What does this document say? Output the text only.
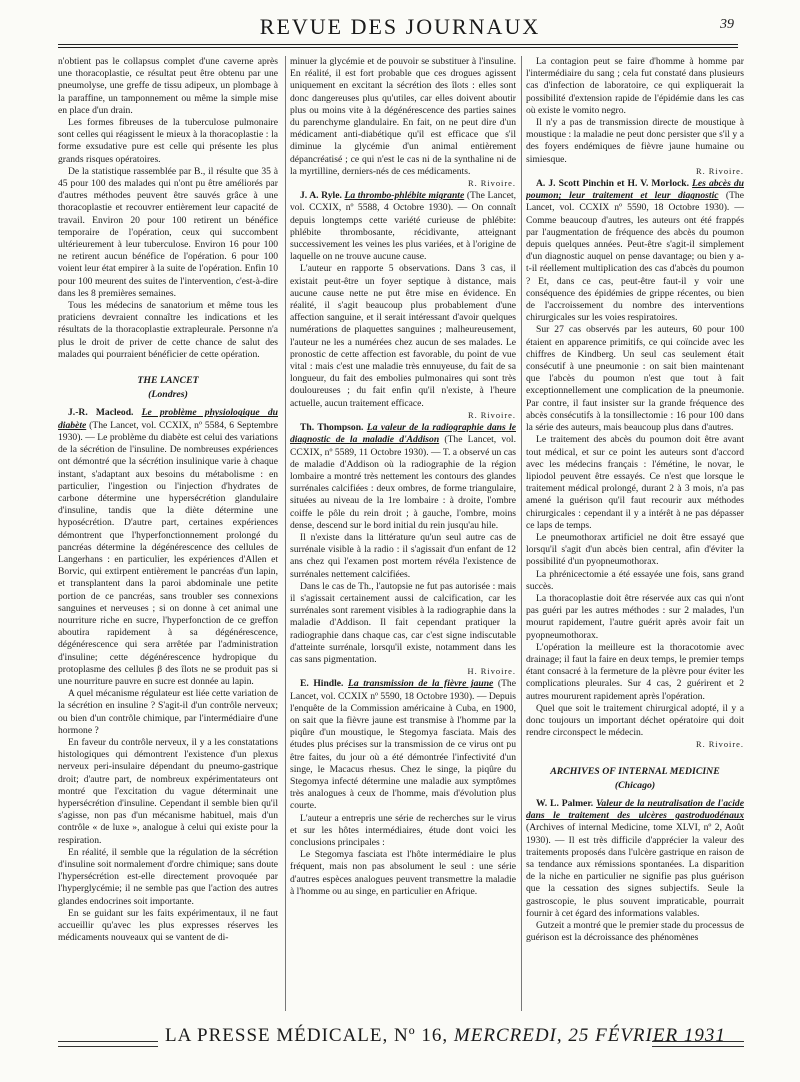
REVUE DES JOURNAUX	39

n'obtient pas le collapsus complet d'une caverne après une thoracoplastie, ce résultat peut être obtenu par une pneumolyse, une greffe de tissu adipeux, un plombage à la paraffine, un tamponnement ou même la simple mise en place d'un drain.

Les formes fibreuses de la tuberculose pulmonaire sont celles qui réagissent le mieux à la thoracoplastie : la forme exsudative pure est celle qui présente les plus grands risques opératoires.

De la statistique rassemblée par B., il résulte que 35 à 45 pour 100 des malades qui n'ont pu être améliorés par d'autres méthodes peuvent être sauvés grâce à une thoracoplastie et recouvrer entièrement leur capacité de travail. Environ 20 pour 100 retirent un bénéfice temporaire de l'opération, ceux qui succombent ultérieurement à leur tuberculose. Environ 16 pour 100 ne retirent aucun bénéfice de l'opération. 6 pour 100 voient leur état empirer à la suite de l'opération. Enfin 10 pour 100 meurent des suites de l'intervention, c'est-à-dire dans les 8 premières semaines.

Tous les médecins de sanatorium et même tous les praticiens devraient connaître les indications et les résultats de la thoracoplastie extrapleurale. Personne n'a plus le droit de priver de cette chance de salut des malades qui pourraient bénéficier de cette opération.

THE LANCET
(Londres)

J.-R. Macleod. Le problème physiologique du diabète (The Lancet, vol. CCXIX, nº 5584, 6 Septembre 1930). — Le problème du diabète est celui des variations de la sécrétion de l'insuline. De nombreuses expériences ont démontré que la sécrétion insulinique varie à chaque instant, s'adaptant aux besoins du métabolisme : en particulier, l'ingestion ou l'injection d'hydrates de carbone détermine une hypersécrétion glandulaire d'insuline, tandis que la diète détermine une hyposécrétion. D'autre part, certaines expériences démontrent que l'hyperfonctionnement prolongé du pancréas détermine la dégénérescence des cellules de Langerhans : en particulier, les expériences d'Allen et Borvic, qui extirpent entièrement le pancréas d'un lapin, et transplantent dans la paroi abdominale une petite portion de ce pancréas, sans troubler ses connexions sanguines et nerveuses ; si on donne à cet animal une nourriture riche en sucre, l'hyperfonction de ce greffon aboutira rapidement à sa dégénérescence, dégénérescence qui sera arrêtée par l'administration d'insuline; cette dégénérescence hydropique du protoplasme des cellules β des îlots ne se produit pas si une nourriture pauvre en sucre est donnée au lapin.

A quel mécanisme régulateur est liée cette variation de la sécrétion en insuline ? S'agit-il d'un contrôle nerveux; ou bien d'un contrôle chimique, par l'intermédiaire d'une hormone ?

En faveur du contrôle nerveux, il y a les constatations histologiques qui démontrent l'existence d'un plexus nerveux peri-insulaire dépendant du pneumo-gastrique droit; d'autre part, de nombreux expérimentateurs ont montré que l'excitation du vague déterminait une hypersécrétion d'insuline. Cependant il semble bien qu'il s'agisse, non pas d'un mécanisme habituel, mais d'un contrôle « de luxe », analogue à celui qui existe pour la respiration.

En réalité, il semble que la régulation de la sécrétion d'insuline soit normalement d'ordre chimique; sans doute l'hypersécrétion est-elle directement provoquée par l'hyperglycémie; il ne semble pas que l'action des autres glandes endocrines soit importante.

En se guidant sur les faits expérimentaux, il ne faut accueillir qu'avec les plus expresses réserves les médicaments nouveaux qui se vantent de di-

minuer la glycémie et de pouvoir se substituer à l'insuline. En réalité, il est fort probable que ces drogues agissent uniquement en excitant la sécrétion des îlots : elles sont donc dangereuses plus qu'utiles, car elles doivent aboutir plus ou moins vite à la dégénérescence des parties saines du parenchyme glandulaire. En fait, on ne peut dire d'un médicament anti-diabétique qu'il est efficace que s'il diminue la glycémie d'un animal entièrement dépancréatisé ; ce qui n'est le cas ni de la synthaline ni de la myrtilline, derniers-nés de ces médicaments.

R. Rivoire.

J. A. Ryle. La thrombo-phlébite migrante (The Lancet, vol. CCXIX, nº 5588, 4 Octobre 1930). — On connaît depuis longtemps cette variété curieuse de phlébite: phlébite thrombosante, récidivante, atteignant successivement les veines les plus variées, et à l'origine de laquelle on ne trouve aucune cause.

L'auteur en rapporte 5 observations. Dans 3 cas, il existait peut-être un foyer septique à distance, mais aucune cause nette ne put être mise en évidence. En réalité, il s'agit beaucoup plus probablement d'une affection sanguine, et il serait intéressant d'avoir quelques numérations de plaquettes sanguines ; malheureusement, l'auteur ne les a numérées chez aucun de ses malades. Le pronostic de cette affection est favorable, du point de vue vital : mais c'est une maladie très ennuyeuse, du fait de sa longueur, du fait des embolies pulmonaires qui sont très douloureuses ; du fait enfin qu'il n'existe, à l'heure actuelle, aucun traitement efficace.

R. Rivoire.

Th. Thompson. La valeur de la radiographie dans le diagnostic de la maladie d'Addison (The Lancet, vol. CCXIX, nº 5589, 11 Octobre 1930). — T. a observé un cas de maladie d'Addison où la radiographie de la région lombaire a montré très nettement les contours des glandes surrénales calcifiées : deux ombres, de forme triangulaire, situées au niveau de la 1re lombaire : à droite, l'ombre coiffe le pôle du rein droit ; à gauche, l'ombre, moins dense, descend sur le bord initial du rein jusqu'au hile.

Il n'existe dans la littérature qu'un seul autre cas de surrénale visible à la radio : il s'agissait d'un enfant de 12 ans chez qui l'examen post mortem révéla l'existence de surrénales nettement calcifiées.

Dans le cas de Th., l'autopsie ne fut pas autorisée : mais il s'agissait certainement aussi de calcification, car les surrénales sont rarement visibles à la radiographie dans la maladie d'Addison. Il fait cependant pratiquer la radiographie dans chaque cas, car c'est signe indiscutable d'atteinte surrénale, lorsqu'il existe, notamment dans les cas sans pigmentation.

H. Rivoire.

E. Hindle. La transmission de la fièvre jaune (The Lancet, vol. CCXIX nº 5590, 18 Octobre 1930). — Depuis l'enquête de la Commission américaine à Cuba, en 1900, on sait que la fièvre jaune est transmise à l'homme par la piqûre d'un moustique, le Stegomya fasciata. Mais des études plus précises sur la transmission de ce virus ont pu être faites, du jour où a été démontrée l'infectivité d'un singe, le Macacus rhesus. Chez le singe, la piqûre du Stegomya infecté détermine une maladie aux symptômes très analogues à ceux de l'homme, mais d'évolution plus courte.

L'auteur a entrepris une série de recherches sur le virus et sur les hôtes intermédiaires, étude dont voici les conclusions principales :

Le Stegomya fasciata est l'hôte intermédiaire le plus fréquent, mais non pas absolument le seul : une série d'autres espèces analogues peuvent transmettre la maladie à l'homme ou au singe, en particulier en Afrique.

La contagion peut se faire d'homme à homme par l'intermédiaire du sang ; cela fut constaté dans plusieurs cas d'infection de laboratoire, ce qui expliquerait la possibilité d'extension rapide de l'épidémie dans les cas où existe le vomito negro.

Il n'y a pas de transmission directe de moustique à moustique : la maladie ne peut donc persister que s'il y a des foyers endémiques de fièvre jaune humaine ou simiesque.

R. Rivoire.

A. J. Scott Pinchin et H. V. Morlock. Les abcès du poumon; leur traitement et leur diagnostic (The Lancet, vol. CCXIX nº 5590, 18 Octobre 1930). — Comme beaucoup d'autres, les auteurs ont été frappés par l'augmentation de fréquence des abcès du poumon depuis quelques années. Peut-être s'agit-il simplement d'un diagnostic auquel on pense davantage; ou bien y a-t-il réellement multiplication des cas d'abcès du poumon ? Et, dans ce cas, peut-être faut-il y voir une conséquence des épidémies de grippe récentes, ou bien de l'accroissement du nombre des interventions chirurgicales sur les voies respiratoires.

Sur 27 cas observés par les auteurs, 60 pour 100 étaient en apparence primitifs, ce qui coïncide avec les chiffres de Kindberg. Un seul cas seulement était consécutif à une pneumonie : on sait bien maintenant que l'abcès du poumon n'est que tout à fait exceptionnellement une complication de la pneumonie. Par contre, il faut insister sur la grande fréquence des abcès consécutifs à la tonsillectomie : 16 pour 100 dans la série des auteurs, mais beaucoup plus dans d'autres.

Le traitement des abcès du poumon doit être avant tout médical, et sur ce point les auteurs sont d'accord avec les médecins français : l'émétine, le novar, le lipiodol peuvent être essayés. Ce n'est que lorsque le traitement médical prolongé, durant 2 à 3 mois, n'a pas amené la guérison qu'il faut recourir aux méthodes chirurgicales : cependant il y a intérêt à ne pas dépasser ce laps de temps.

Le pneumothorax artificiel ne doit être essayé que lorsqu'il s'agit d'un abcès bien central, afin d'éviter la possibilité d'un pyopneumothorax.

La phrénicectomie a été essayée une fois, sans grand succès.

La thoracoplastie doit être réservée aux cas qui n'ont pas guéri par les autres méthodes : sur 2 malades, l'un mourut rapidement, l'autre guérit après avoir fait un pyopneumothorax.

L'opération la meilleure est la thoracotomie avec drainage; il faut la faire en deux temps, le premier temps étant consacré à la fermeture de la plèvre pour éviter les complications pleurales. Sur 4 cas, 2 guérirent et 2 autres moururent rapidement après l'opération.

Quel que soit le traitement chirurgical adopté, il y a donc toujours un important déchet opératoire qui doit rendre circonspect le médecin.

R. Rivoire.

ARCHIVES OF INTERNAL MEDICINE
(Chicago)

W. L. Palmer. Valeur de la neutralisation de l'acide dans le traitement des ulcères gastroduodénaux (Archives of internal Medicine, tome XLVI, nº 2, Août 1930). — Il est très difficile d'apprécier la valeur des traitements proposés dans l'ulcère gastrique en raison de sa tendance aux rémissions spontanées. La disparition de la niche en particulier ne signifie pas plus guérison que la cessation des signes subjectifs. Seule la gastroscopie, le plus souvent impraticable, pourrait fournir à cet égard des informations valables.

Gutzeit a montré que le premier stade du processus de guérison est la décroissance des phénomènes

LA PRESSE MÉDICALE, Nº 16, MERCREDI, 25 FÉVRIER 1931
